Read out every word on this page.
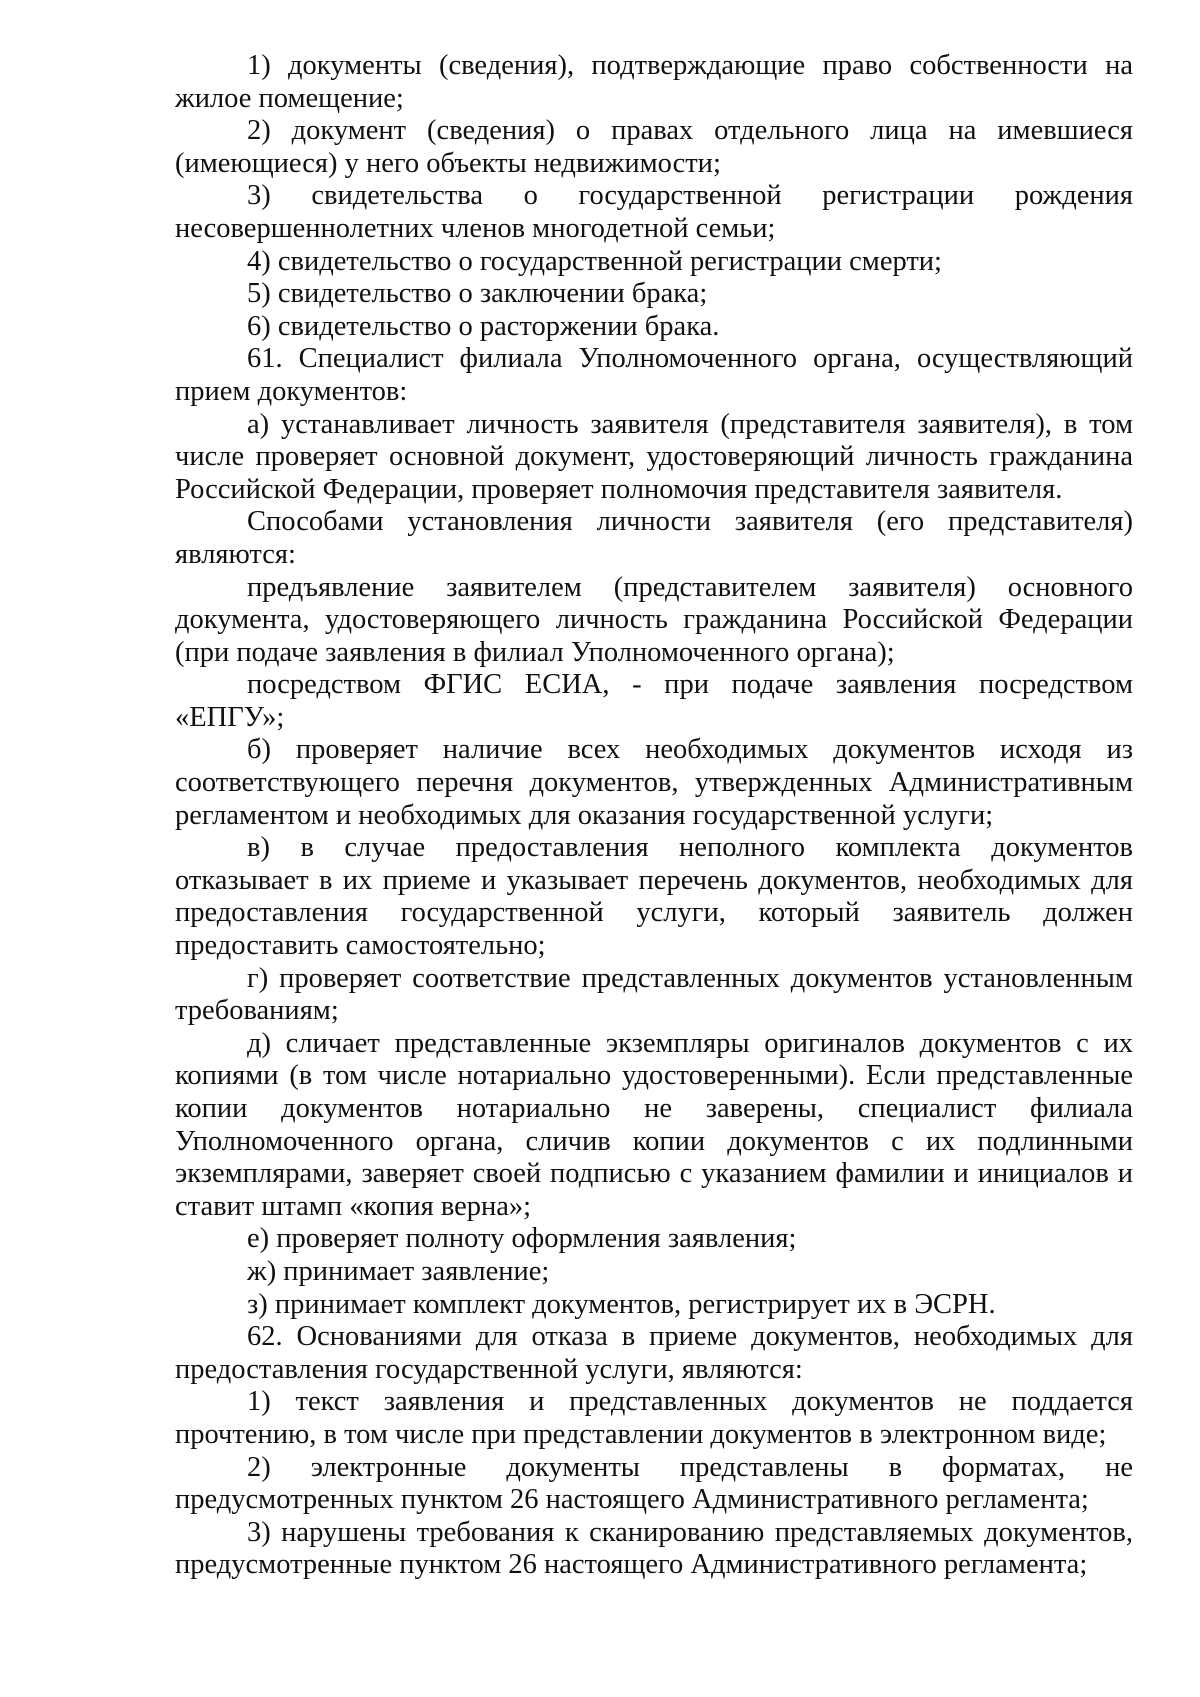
1) документы (сведения), подтверждающие право собственности на жилое помещение;

2) документ (сведения) о правах отдельного лица на имевшиеся (имеющиеся) у него объекты недвижимости;

3) свидетельства о государственной регистрации рождения несовершеннолетних членов многодетной семьи;

4) свидетельство о государственной регистрации смерти;

5) свидетельство о заключении брака;

6) свидетельство о расторжении брака.

61. Специалист филиала Уполномоченного органа, осуществляющий прием документов:

а) устанавливает личность заявителя (представителя заявителя), в том числе проверяет основной документ, удостоверяющий личность гражданина Российской Федерации, проверяет полномочия представителя заявителя.

Способами установления личности заявителя (его представителя) являются:

предъявление заявителем (представителем заявителя) основного документа, удостоверяющего личность гражданина Российской Федерации (при подаче заявления в филиал Уполномоченного органа);

посредством ФГИС ЕСИА, - при подаче заявления посредством «ЕПГУ»;

б) проверяет наличие всех необходимых документов исходя из соответствующего перечня документов, утвержденных Административным регламентом и необходимых для оказания государственной услуги;

в) в случае предоставления неполного комплекта документов отказывает в их приеме и указывает перечень документов, необходимых для предоставления государственной услуги, который заявитель должен предоставить самостоятельно;

г) проверяет соответствие представленных документов установленным требованиям;

д) сличает представленные экземпляры оригиналов документов с их копиями (в том числе нотариально удостоверенными). Если представленные копии документов нотариально не заверены, специалист филиала Уполномоченного органа, сличив копии документов с их подлинными экземплярами, заверяет своей подписью с указанием фамилии и инициалов и ставит штамп «копия верна»;

е) проверяет полноту оформления заявления;

ж) принимает заявление;

з) принимает комплект документов, регистрирует их в ЭСРН.

62. Основаниями для отказа в приеме документов, необходимых для предоставления государственной услуги, являются:

1) текст заявления и представленных документов не поддается прочтению, в том числе при представлении документов в электронном виде;

2) электронные документы представлены в форматах, не предусмотренных пунктом 26 настоящего Административного регламента;

3) нарушены требования к сканированию представляемых документов, предусмотренные пунктом 26 настоящего Административного регламента;
